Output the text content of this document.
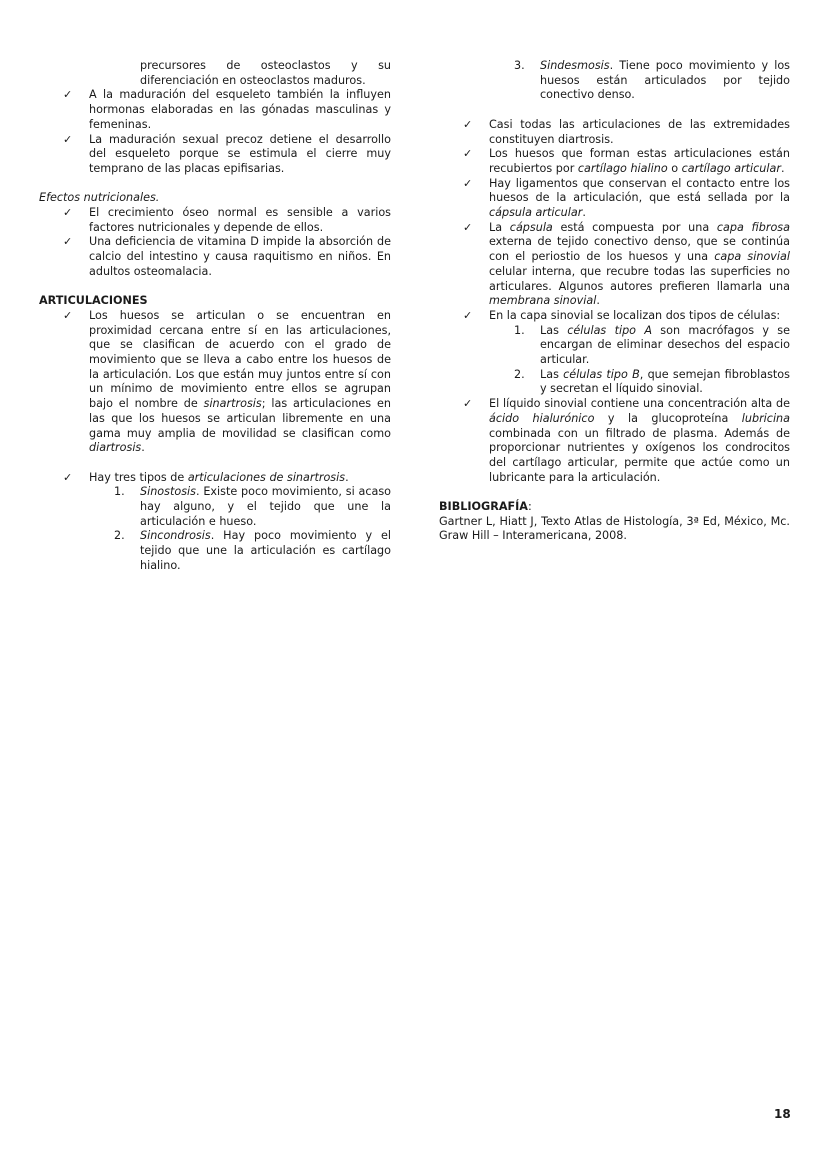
precursores de osteoclastos y su diferenciación en osteoclastos maduros.
✓ A la maduración del esqueleto también la influyen hormonas elaboradas en las gónadas masculinas y femeninas.
✓ La maduración sexual precoz detiene el desarrollo del esqueleto porque se estimula el cierre muy temprano de las placas epifisarias.
Efectos nutricionales.
✓ El crecimiento óseo normal es sensible a varios factores nutricionales y depende de ellos.
✓ Una deficiencia de vitamina D impide la absorción de calcio del intestino y causa raquitismo en niños. En adultos osteomalacia.
ARTICULACIONES
✓ Los huesos se articulan o se encuentran en proximidad cercana entre sí en las articulaciones, que se clasifican de acuerdo con el grado de movimiento que se lleva a cabo entre los huesos de la articulación. Los que están muy juntos entre sí con un mínimo de movimiento entre ellos se agrupan bajo el nombre de sinartrosis; las articulaciones en las que los huesos se articulan libremente en una gama muy amplia de movilidad se clasifican como diartrosis.
✓ Hay tres tipos de articulaciones de sinartrosis.
1. Sinostosis. Existe poco movimiento, si acaso hay alguno, y el tejido que une la articulación e hueso.
2. Sincondrosis. Hay poco movimiento y el tejido que une la articulación es cartílago hialino.
3. Sindesmosis. Tiene poco movimiento y los huesos están articulados por tejido conectivo denso.
✓ Casi todas las articulaciones de las extremidades constituyen diartrosis.
✓ Los huesos que forman estas articulaciones están recubiertos por cartílago hialino o cartílago articular.
✓ Hay ligamentos que conservan el contacto entre los huesos de la articulación, que está sellada por la cápsula articular.
✓ La cápsula está compuesta por una capa fibrosa externa de tejido conectivo denso, que se continúa con el periostio de los huesos y una capa sinovial celular interna, que recubre todas las superficies no articulares. Algunos autores prefieren llamarla una membrana sinovial.
✓ En la capa sinovial se localizan dos tipos de células:
1. Las células tipo A son macrófagos y se encargan de eliminar desechos del espacio articular.
2. Las células tipo B, que semejan fibroblastos y secretan el líquido sinovial.
✓ El líquido sinovial contiene una concentración alta de ácido hialurónico y la glucoproteína lubricina combinada con un filtrado de plasma. Además de proporcionar nutrientes y oxígenos los condrocitos del cartílago articular, permite que actúe como un lubricante para la articulación.
BIBLIOGRAFÍA:
Gartner L, Hiatt J, Texto Atlas de Histología, 3ª Ed, México, Mc. Graw Hill – Interamericana, 2008.
18
